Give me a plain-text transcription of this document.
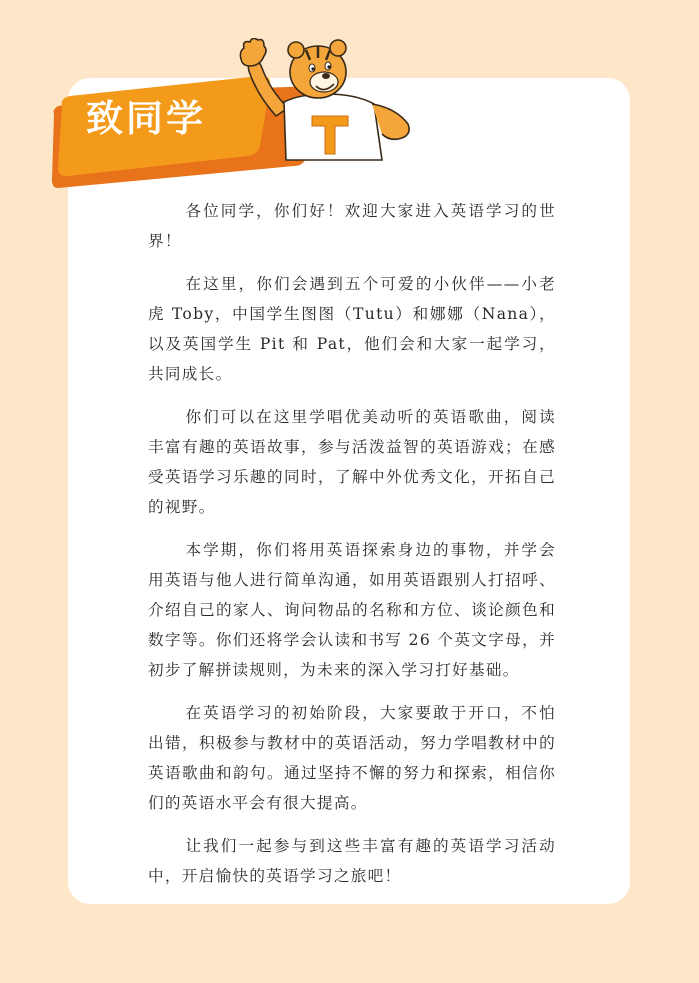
致同学

各位同学，你们好！欢迎大家进入英语学习的世界！

在这里，你们会遇到五个可爱的小伙伴——小老虎 Toby，中国学生图图（Tutu）和娜娜（Nana），以及英国学生 Pit 和 Pat，他们会和大家一起学习，共同成长。

你们可以在这里学唱优美动听的英语歌曲，阅读丰富有趣的英语故事，参与活泼益智的英语游戏；在感受英语学习乐趣的同时，了解中外优秀文化，开拓自己的视野。

本学期，你们将用英语探索身边的事物，并学会用英语与他人进行简单沟通，如用英语跟别人打招呼、介绍自己的家人、询问物品的名称和方位、谈论颜色和数字等。你们还将学会认读和书写 26 个英文字母，并初步了解拼读规则，为未来的深入学习打好基础。

在英语学习的初始阶段，大家要敢于开口，不怕出错，积极参与教材中的英语活动，努力学唱教材中的英语歌曲和韵句。通过坚持不懈的努力和探索，相信你们的英语水平会有很大提高。

让我们一起参与到这些丰富有趣的英语学习活动中，开启愉快的英语学习之旅吧！
